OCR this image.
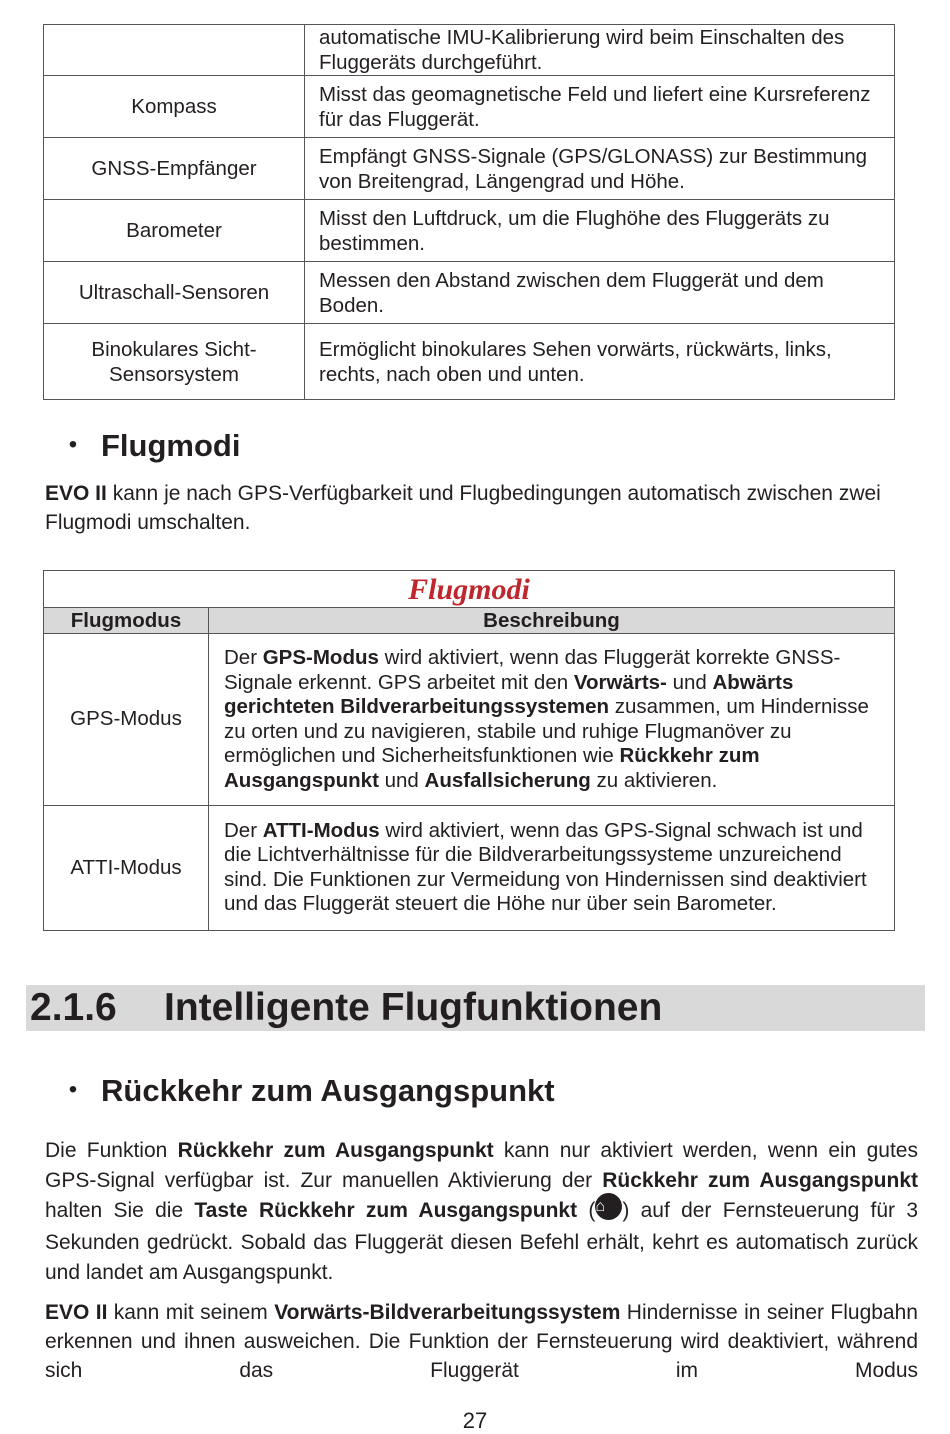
	automatische IMU-Kalibrierung wird beim Einschalten des Fluggeräts durchgeführt.
Kompass	Misst das geomagnetische Feld und liefert eine Kursreferenz für das Fluggerät.
GNSS-Empfänger	Empfängt GNSS-Signale (GPS/GLONASS) zur Bestimmung von Breitengrad, Längengrad und Höhe.
Barometer	Misst den Luftdruck, um die Flughöhe des Fluggeräts zu bestimmen.
Ultraschall-Sensoren	Messen den Abstand zwischen dem Fluggerät und dem Boden.
Binokulares Sicht-Sensorsystem	Ermöglicht binokulares Sehen vorwärts, rückwärts, links, rechts, nach oben und unten.
• Flugmodi
EVO II kann je nach GPS-Verfügbarkeit und Flugbedingungen automatisch zwischen zwei Flugmodi umschalten.
Flugmodi
Flugmodus	Beschreibung
GPS-Modus	Der GPS-Modus wird aktiviert, wenn das Fluggerät korrekte GNSS-Signale erkennt. GPS arbeitet mit den Vorwärts- und Abwärts gerichteten Bildverarbeitungssystemen zusammen, um Hindernisse zu orten und zu navigieren, stabile und ruhige Flugmanöver zu ermöglichen und Sicherheitsfunktionen wie Rückkehr zum Ausgangspunkt und Ausfallsicherung zu aktivieren.
ATTI-Modus	Der ATTI-Modus wird aktiviert, wenn das GPS-Signal schwach ist und die Lichtverhältnisse für die Bildverarbeitungssysteme unzureichend sind. Die Funktionen zur Vermeidung von Hindernissen sind deaktiviert und das Fluggerät steuert die Höhe nur über sein Barometer.
2.1.6 Intelligente Flugfunktionen
• Rückkehr zum Ausgangspunkt
Die Funktion Rückkehr zum Ausgangspunkt kann nur aktiviert werden, wenn ein gutes GPS-Signal verfügbar ist. Zur manuellen Aktivierung der Rückkehr zum Ausgangspunkt halten Sie die Taste Rückkehr zum Ausgangspunkt (⌂ ) auf der Fernsteuerung für 3 Sekunden gedrückt. Sobald das Fluggerät diesen Befehl erhält, kehrt es automatisch zurück und landet am Ausgangspunkt.
EVO II kann mit seinem Vorwärts-Bildverarbeitungssystem Hindernisse in seiner Flugbahn erkennen und ihnen ausweichen. Die Funktion der Fernsteuerung wird deaktiviert, während sich das Fluggerät im Modus
27
